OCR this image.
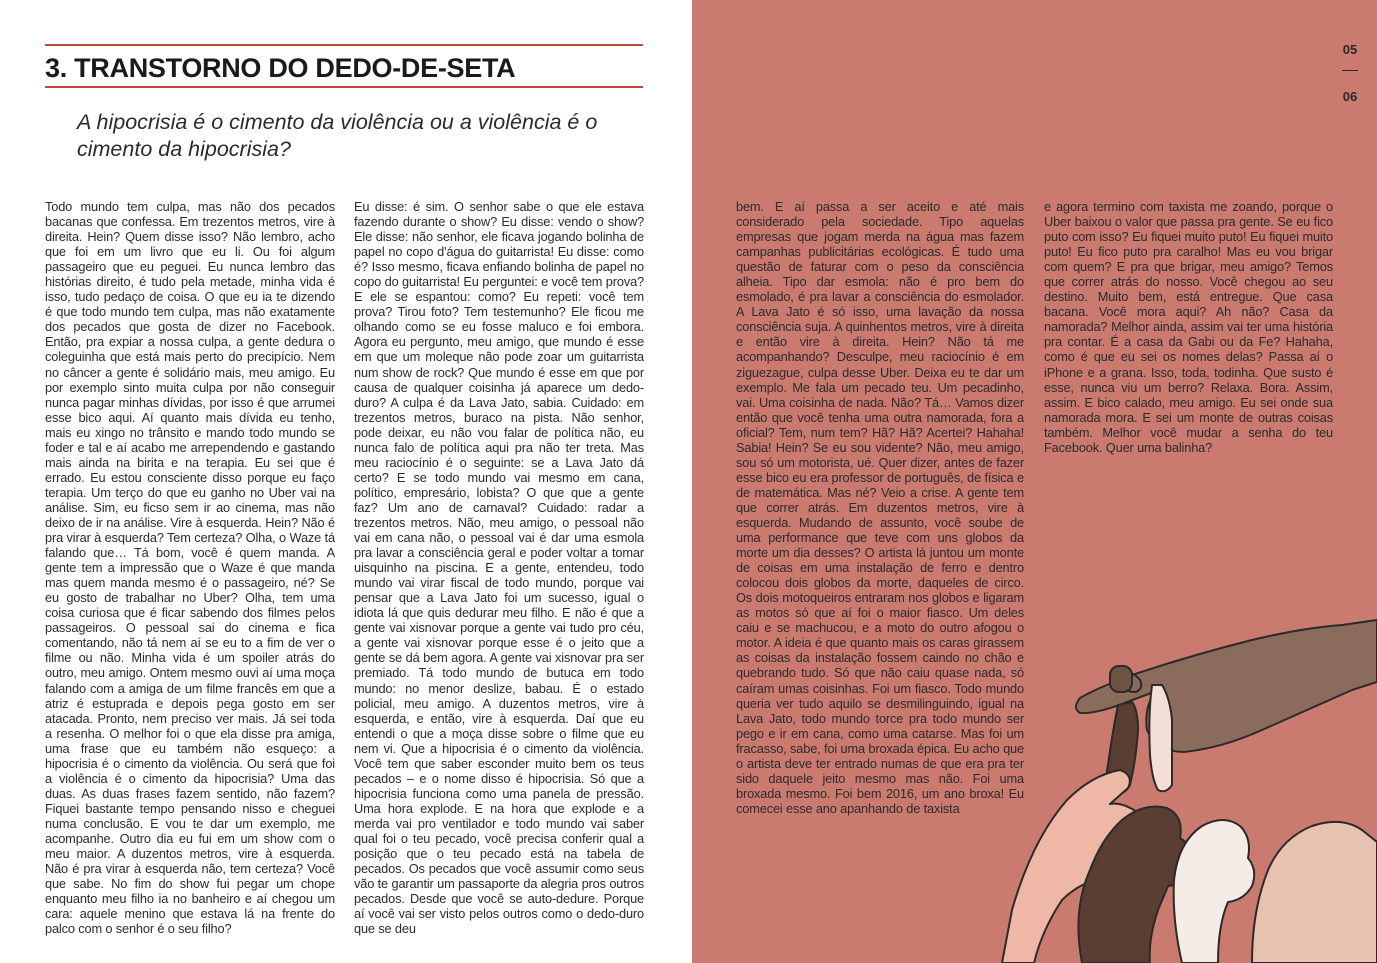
3. TRANSTORNO DO DEDO-DE-SETA

A hipocrisia é o cimento da violência ou a violência é o cimento da hipocrisia?

Todo mundo tem culpa, mas não dos pecados bacanas que confessa. Em trezentos metros, vire à direita. Hein? Quem disse isso? Não lembro, acho que foi em um livro que eu li. Ou foi algum passageiro que eu peguei. Eu nunca lembro das histórias direito, é tudo pela metade, minha vida é isso, tudo pedaço de coisa. O que eu ia te dizendo é que todo mundo tem culpa, mas não exatamente dos pecados que gosta de dizer no Facebook. Então, pra expiar a nossa culpa, a gente dedura o coleguinha que está mais perto do precipício. Nem no câncer a gente é solidário mais, meu amigo. Eu por exemplo sinto muita culpa por não conseguir nunca pagar minhas dívidas, por isso é que arrumei esse bico aqui. Aí quanto mais dívida eu tenho, mais eu xingo no trânsito e mando todo mundo se foder e tal e aí acabo me arrependendo e gastando mais ainda na birita e na terapia. Eu sei que é errado. Eu estou consciente disso porque eu faço terapia. Um terço do que eu ganho no Uber vai na análise. Sim, eu ficso sem ir ao cinema, mas não deixo de ir na análise. Vire à esquerda. Hein? Não é pra virar à esquerda? Tem certeza? Olha, o Waze tá falando que… Tá bom, você é quem manda. A gente tem a impressão que o Waze é que manda mas quem manda mesmo é o passageiro, né? Se eu gosto de trabalhar no Uber? Olha, tem uma coisa curiosa que é ficar sabendo dos filmes pelos passageiros. O pessoal sai do cinema e fica comentando, não tá nem aí se eu to a fim de ver o filme ou não. Minha vida é um spoiler atrás do outro, meu amigo. Ontem mesmo ouvi aí uma moça falando com a amiga de um filme francês em que a atriz é estuprada e depois pega gosto em ser atacada. Pronto, nem preciso ver mais. Já sei toda a resenha. O melhor foi o que ela disse pra amiga, uma frase que eu também não esqueço: a hipocrisia é o cimento da violência. Ou será que foi a violência é o cimento da hipocrisia? Uma das duas. As duas frases fazem sentido, não fazem? Fiquei bastante tempo pensando nisso e cheguei numa conclusão. E vou te dar um exemplo, me acompanhe. Outro dia eu fui em um show com o meu maior. A duzentos metros, vire à esquerda. Não é pra virar à esquerda não, tem certeza? Você que sabe. No fim do show fui pegar um chope enquanto meu filho ia no banheiro e aí chegou um cara: aquele menino que estava lá na frente do palco com o senhor é o seu filho?

Eu disse: é sim. O senhor sabe o que ele estava fazendo durante o show? Eu disse: vendo o show? Ele disse: não senhor, ele ficava jogando bolinha de papel no copo d'água do guitarrista! Eu disse: como é? Isso mesmo, ficava enfiando bolinha de papel no copo do guitarrista! Eu perguntei: e você tem prova? E ele se espantou: como? Eu repeti: você tem prova? Tirou foto? Tem testemunho? Ele ficou me olhando como se eu fosse maluco e foi embora. Agora eu pergunto, meu amigo, que mundo é esse em que um moleque não pode zoar um guitarrista num show de rock? Que mundo é esse em que por causa de qualquer coisinha já aparece um dedo-duro? A culpa é da Lava Jato, sabia. Cuidado: em trezentos metros, buraco na pista. Não senhor, pode deixar, eu não vou falar de política não, eu nunca falo de política aqui pra não ter treta. Mas meu raciocínio é o seguinte: se a Lava Jato dá certo? E se todo mundo vai mesmo em cana, político, empresário, lobista? O que que a gente faz? Um ano de carnaval? Cuidado: radar a trezentos metros. Não, meu amigo, o pessoal não vai em cana não, o pessoal vai é dar uma esmola pra lavar a consciência geral e poder voltar a tomar uisquinho na piscina. E a gente, entendeu, todo mundo vai virar fiscal de todo mundo, porque vai pensar que a Lava Jato foi um sucesso, igual o idiota lá que quis dedurar meu filho. E não é que a gente vai xisnovar porque a gente vai tudo pro céu, a gente vai xisnovar porque esse é o jeito que a gente se dá bem agora. A gente vai xisnovar pra ser premiado. Tá todo mundo de butuca em todo mundo: no menor deslize, babau. É o estado policial, meu amigo. A duzentos metros, vire à esquerda, e então, vire à esquerda. Daí que eu entendi o que a moça disse sobre o filme que eu nem vi. Que a hipocrisia é o cimento da violência. Você tem que saber esconder muito bem os teus pecados – e o nome disso é hipocrisia. Só que a hipocrisia funciona como uma panela de pressão. Uma hora explode. E na hora que explode e a merda vai pro ventilador e todo mundo vai saber qual foi o teu pecado, você precisa conferir qual a posição que o teu pecado está na tabela de pecados. Os pecados que você assumir como seus vão te garantir um passaporte da alegria pros outros pecados. Desde que você se auto-dedure. Porque aí você vai ser visto pelos outros como o dedo-duro que se deu

05
06

bem. E aí passa a ser aceito e até mais considerado pela sociedade. Tipo aquelas empresas que jogam merda na água mas fazem campanhas publicitárias ecológicas. É tudo uma questão de faturar com o peso da consciência alheia. Tipo dar esmola: não é pro bem do esmolado, é pra lavar a consciência do esmolador. A Lava Jato é só isso, uma lavação da nossa consciência suja. A quinhentos metros, vire à direita e então vire à direita. Hein? Não tá me acompanhando? Desculpe, meu raciocínio é em ziguezague, culpa desse Uber. Deixa eu te dar um exemplo. Me fala um pecado teu. Um pecadinho, vai. Uma coisinha de nada. Não? Tá… Vamos dizer então que você tenha uma outra namorada, fora a oficial? Tem, num tem? Hã? Hã? Acertei? Hahaha! Sabia! Hein? Se eu sou vidente? Não, meu amigo, sou só um motorista, ué. Quer dizer, antes de fazer esse bico eu era professor de português, de física e de matemática. Mas né? Veio a crise. A gente tem que correr atrás. Em duzentos metros, vire à esquerda. Mudando de assunto, você soube de uma performance que teve com uns globos da morte um dia desses? O artista lá juntou um monte de coisas em uma instalação de ferro e dentro colocou dois globos da morte, daqueles de circo. Os dois motoqueiros entraram nos globos e ligaram as motos só que aí foi o maior fiasco. Um deles caiu e se machucou, e a moto do outro afogou o motor. A ideia é que quanto mais os caras girassem as coisas da instalação fossem caindo no chão e quebrando tudo. Só que não caiu quase nada, só caíram umas coisinhas. Foi um fiasco. Todo mundo queria ver tudo aquilo se desmilinguindo, igual na Lava Jato, todo mundo torce pra todo mundo ser pego e ir em cana, como uma catarse. Mas foi um fracasso, sabe, foi uma broxada épica. Eu acho que o artista deve ter entrado numas de que era pra ter sido daquele jeito mesmo mas não. Foi uma broxada mesmo. Foi bem 2016, um ano broxa! Eu comecei esse ano apanhando de taxista

e agora termino com taxista me zoando, porque o Uber baixou o valor que passa pra gente. Se eu fico puto com isso? Eu fiquei muito puto! Eu fiquei muito puto! Eu fico puto pra caralho! Mas eu vou brigar com quem? E pra que brigar, meu amigo? Temos que correr atrás do nosso. Você chegou ao seu destino. Muito bem, está entregue. Que casa bacana. Você mora aqui? Ah não? Casa da namorada? Melhor ainda, assim vai ter uma história pra contar. É a casa da Gabi ou da Fe? Hahaha, como é que eu sei os nomes delas? Passa aí o iPhone e a grana. Isso, toda, todinha. Que susto é esse, nunca viu um berro? Relaxa. Bora. Assim, assim. E bico calado, meu amigo. Eu sei onde sua namorada mora. E sei um monte de outras coisas também. Melhor você mudar a senha do teu Facebook. Quer uma balinha?
